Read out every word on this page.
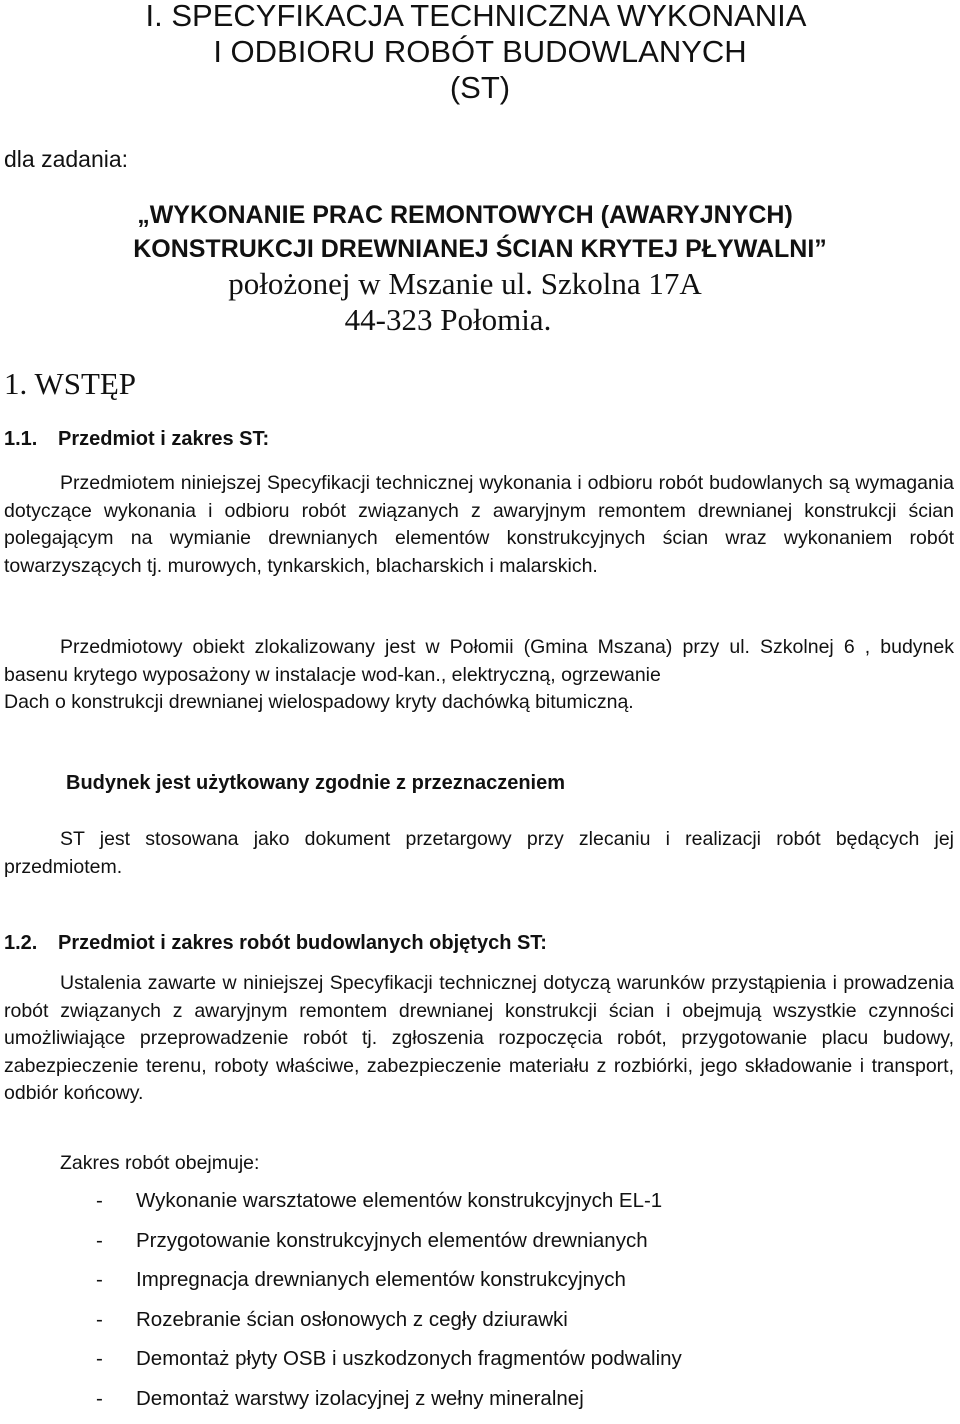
I. SPECYFIKACJA TECHNICZNA WYKONANIA
I ODBIORU ROBÓT BUDOWLANYCH
(ST)
dla zadania:
„WYKONANIE PRAC REMONTOWYCH (AWARYJNYCH)
KONSTRUKCJI DREWNIANEJ ŚCIAN KRYTEJ PŁYWALNI”
położonej w Mszanie ul. Szkolna 17A
44-323 Połomia.
1. WSTĘP
1.1. Przedmiot i zakres ST:

Przedmiotem niniejszej Specyfikacji technicznej wykonania i odbioru robót budowlanych są wymagania dotyczące wykonania i odbioru robót związanych z awaryjnym remontem drewnianej konstrukcji ścian polegającym na wymianie drewnianych elementów konstrukcyjnych ścian wraz wykonaniem robót towarzyszących tj. murowych, tynkarskich, blacharskich i malarskich.

Przedmiotowy obiekt zlokalizowany jest w Połomii (Gmina Mszana) przy ul. Szkolnej 6 , budynek basenu krytego wyposażony w instalacje wod-kan., elektryczną, ogrzewanie
Dach o konstrukcji drewnianej wielospadowy kryty dachówką bitumiczną.

Budynek jest użytkowany zgodnie z przeznaczeniem

ST jest stosowana jako dokument przetargowy przy zlecaniu i realizacji robót będących jej przedmiotem.

1.2. Przedmiot i zakres robót budowlanych objętych ST:

Ustalenia zawarte w niniejszej Specyfikacji technicznej dotyczą warunków przystąpienia i prowadzenia robót związanych z awaryjnym remontem drewnianej konstrukcji ścian i obejmują wszystkie czynności umożliwiające przeprowadzenie robót tj. zgłoszenia rozpoczęcia robót, przygotowanie placu budowy, zabezpieczenie terenu, roboty właściwe, zabezpieczenie materiału z rozbiórki, jego składowanie i transport, odbiór końcowy.

Zakres robót obejmuje:
- Wykonanie warsztatowe elementów konstrukcyjnych EL-1
- Przygotowanie konstrukcyjnych elementów drewnianych
- Impregnacja drewnianych elementów konstrukcyjnych
- Rozebranie ścian osłonowych z cegły dziurawki
- Demontaż płyty OSB i uszkodzonych fragmentów podwaliny
- Demontaż warstwy izolacyjnej z wełny mineralnej
